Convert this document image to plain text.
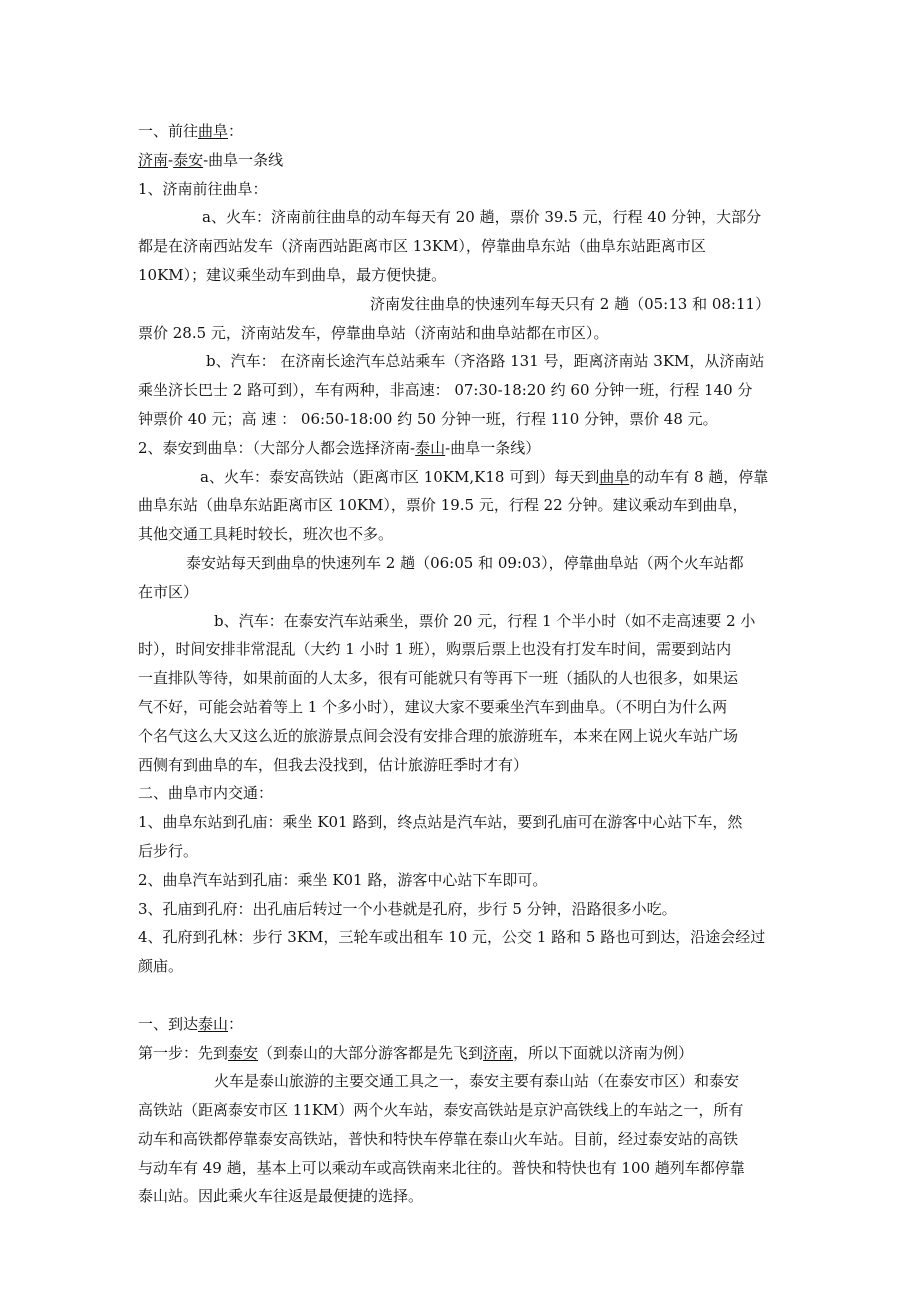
一、前往曲阜：
济南-泰安-曲阜一条线
1、济南前往曲阜：
a、火车：济南前往曲阜的动车每天有 20 趟，票价 39.5 元，行程 40 分钟，大部分
都是在济南西站发车（济南西站距离市区 13KM），停靠曲阜东站（曲阜东站距离市区
10KM）；建议乘坐动车到曲阜，最方便快捷。
济南发往曲阜的快速列车每天只有 2 趟（05:13 和 08:11）
票价 28.5 元，济南站发车，停靠曲阜站（济南站和曲阜站都在市区）。
b、汽车： 在济南长途汽车总站乘车（齐洛路 131 号，距离济南站 3KM，从济南站
乘坐济长巴士 2 路可到），车有两种，非高速： 07:30-18:20 约 60 分钟一班，行程 140 分
钟票价 40 元；高 速 ： 06:50-18:00 约 50 分钟一班，行程 110 分钟，票价 48 元。
2、泰安到曲阜：（大部分人都会选择济南-泰山-曲阜一条线）
a、火车：泰安高铁站（距离市区 10KM,K18 可到）每天到曲阜的动车有 8 趟，停靠
曲阜东站（曲阜东站距离市区 10KM），票价 19.5 元，行程 22 分钟。建议乘动车到曲阜，
其他交通工具耗时较长，班次也不多。
泰安站每天到曲阜的快速列车 2 趟（06:05 和 09:03），停靠曲阜站（两个火车站都
在市区）
b、汽车：在泰安汽车站乘坐，票价 20 元，行程 1 个半小时（如不走高速要 2 小
时），时间安排非常混乱（大约 1 小时 1 班），购票后票上也没有打发车时间，需要到站内
一直排队等待，如果前面的人太多，很有可能就只有等再下一班（插队的人也很多，如果运
气不好，可能会站着等上 1 个多小时），建议大家不要乘坐汽车到曲阜。（不明白为什么两
个名气这么大又这么近的旅游景点间会没有安排合理的旅游班车，本来在网上说火车站广场
西侧有到曲阜的车，但我去没找到，估计旅游旺季时才有）
二、曲阜市内交通：
1、曲阜东站到孔庙：乘坐 K01 路到，终点站是汽车站，要到孔庙可在游客中心站下车，然
后步行。
2、曲阜汽车站到孔庙：乘坐 K01 路，游客中心站下车即可。
3、孔庙到孔府：出孔庙后转过一个小巷就是孔府，步行 5 分钟，沿路很多小吃。
4、孔府到孔林：步行 3KM，三轮车或出租车 10 元，公交 1 路和 5 路也可到达，沿途会经过
颜庙。
一、到达泰山：
第一步：先到泰安（到泰山的大部分游客都是先飞到济南，所以下面就以济南为例）
火车是泰山旅游的主要交通工具之一，泰安主要有泰山站（在泰安市区）和泰安
高铁站（距离泰安市区 11KM）两个火车站，泰安高铁站是京沪高铁线上的车站之一，所有
动车和高铁都停靠泰安高铁站，普快和特快车停靠在泰山火车站。目前，经过泰安站的高铁
与动车有 49 趟，基本上可以乘动车或高铁南来北往的。普快和特快也有 100 趟列车都停靠
泰山站。因此乘火车往返是最便捷的选择。
